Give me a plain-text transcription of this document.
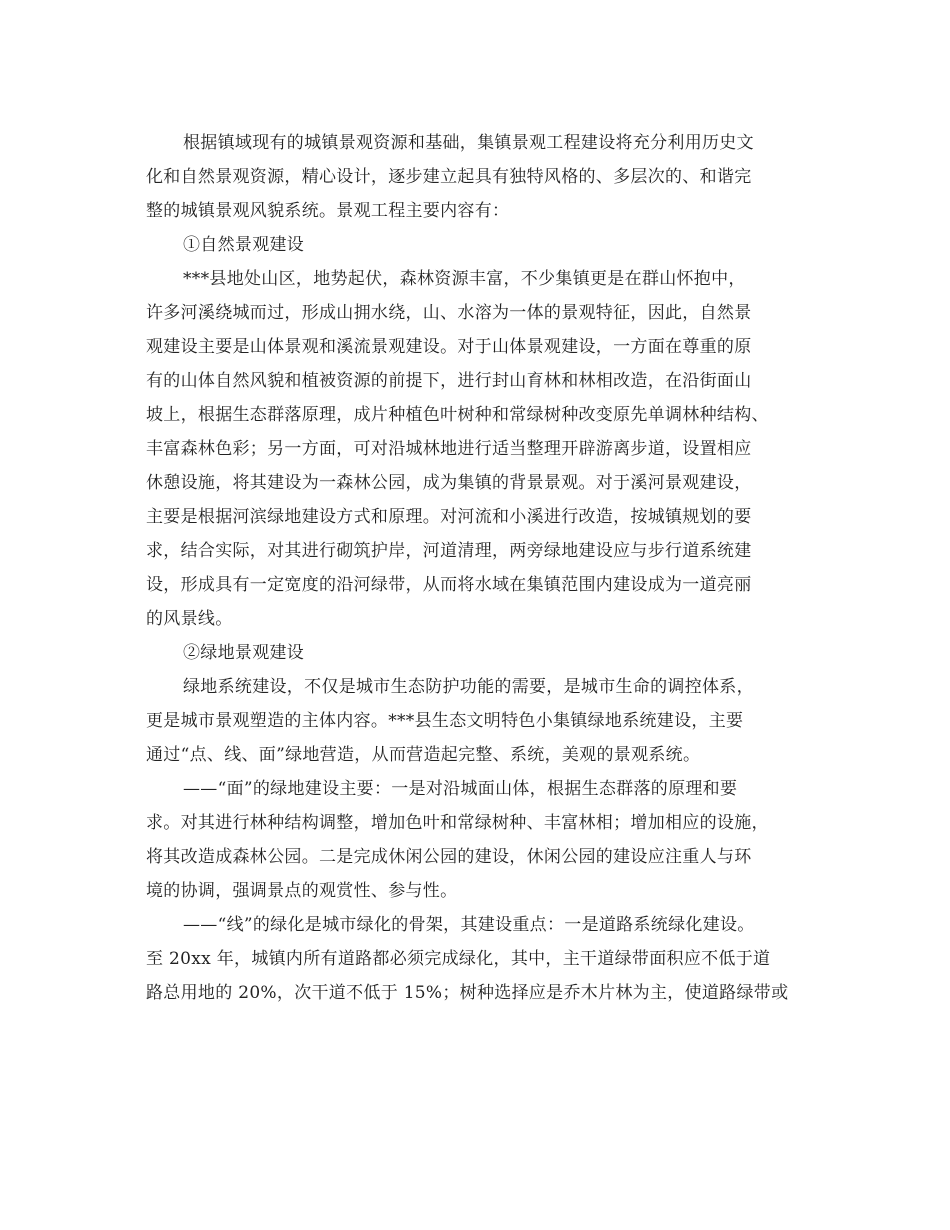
根据镇域现有的城镇景观资源和基础，集镇景观工程建设将充分利用历史文
化和自然景观资源，精心设计，逐步建立起具有独特风格的、多层次的、和谐完
整的城镇景观风貌系统。景观工程主要内容有：
①自然景观建设
***县地处山区，地势起伏，森林资源丰富，不少集镇更是在群山怀抱中，
许多河溪绕城而过，形成山拥水绕，山、水溶为一体的景观特征，因此，自然景
观建设主要是山体景观和溪流景观建设。对于山体景观建设，一方面在尊重的原
有的山体自然风貌和植被资源的前提下，进行封山育林和林相改造，在沿街面山
坡上，根据生态群落原理，成片种植色叶树种和常绿树种改变原先单调林种结构、
丰富森林色彩；另一方面，可对沿城林地进行适当整理开辟游离步道，设置相应
休憩设施，将其建设为一森林公园，成为集镇的背景景观。对于溪河景观建设，
主要是根据河滨绿地建设方式和原理。对河流和小溪进行改造，按城镇规划的要
求，结合实际，对其进行砌筑护岸，河道清理，两旁绿地建设应与步行道系统建
设，形成具有一定宽度的沿河绿带，从而将水域在集镇范围内建设成为一道亮丽
的风景线。
②绿地景观建设
绿地系统建设，不仅是城市生态防护功能的需要，是城市生命的调控体系，
更是城市景观塑造的主体内容。***县生态文明特色小集镇绿地系统建设，主要
通过“点、线、面”绿地营造，从而营造起完整、系统，美观的景观系统。
——“面”的绿地建设主要：一是对沿城面山体，根据生态群落的原理和要
求。对其进行林种结构调整，增加色叶和常绿树种、丰富林相；增加相应的设施，
将其改造成森林公园。二是完成休闲公园的建设，休闲公园的建设应注重人与环
境的协调，强调景点的观赏性、参与性。
——“线”的绿化是城市绿化的骨架，其建设重点：一是道路系统绿化建设。
至 20xx 年，城镇内所有道路都必须完成绿化，其中，主干道绿带面积应不低于道
路总用地的 20%，次干道不低于 15%；树种选择应是乔木片林为主，使道路绿带或
